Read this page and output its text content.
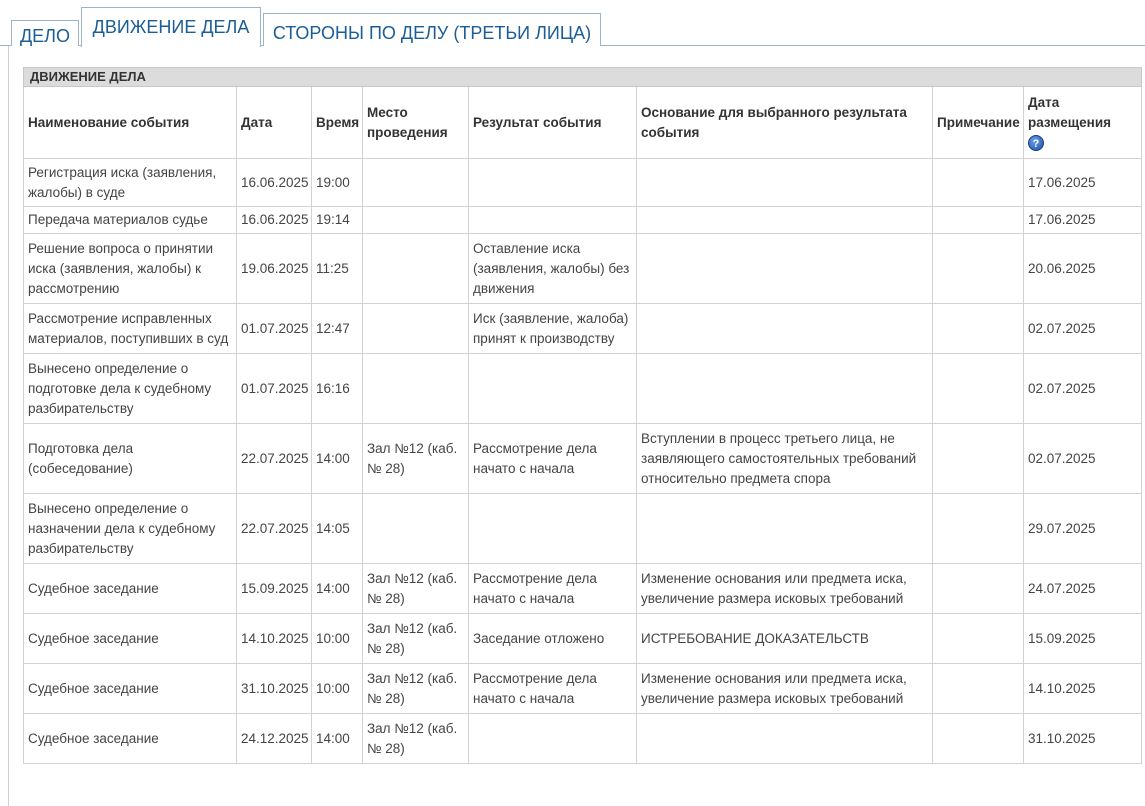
ДЕЛО	ДВИЖЕНИЕ ДЕЛА	СТОРОНЫ ПО ДЕЛУ (ТРЕТЬИ ЛИЦА)
ДВИЖЕНИЕ ДЕЛА							
Наименование события	Дата	Время	Место проведения	Результат события	Основание для выбранного результата события	Примечание	Дата размещения
?
Регистрация иска (заявления, жалобы) в суде	16.06.2025	19:00					17.06.2025
Передача материалов судье	16.06.2025	19:14					17.06.2025
Решение вопроса о принятии иска (заявления, жалобы) к рассмотрению	19.06.2025	11:25		Оставление иска (заявления, жалобы) без движения			20.06.2025
Рассмотрение исправленных материалов, поступивших в суд	01.07.2025	12:47		Иск (заявление, жалоба) принят к производству			02.07.2025
Вынесено определение о подготовке дела к судебному разбирательству	01.07.2025	16:16					02.07.2025
Подготовка дела (собеседование)	22.07.2025	14:00	Зал №12 (каб. № 28)	Рассмотрение дела начато с начала	Вступлении в процесс третьего лица, не заявляющего самостоятельных требований относительно предмета спора		02.07.2025
Вынесено определение о назначении дела к судебному разбирательству	22.07.2025	14:05					29.07.2025
Судебное заседание	15.09.2025	14:00	Зал №12 (каб. № 28)	Рассмотрение дела начато с начала	Изменение основания или предмета иска, увеличение размера исковых требований		24.07.2025
Судебное заседание	14.10.2025	10:00	Зал №12 (каб. № 28)	Заседание отложено	ИСТРЕБОВАНИЕ ДОКАЗАТЕЛЬСТВ		15.09.2025
Судебное заседание	31.10.2025	10:00	Зал №12 (каб. № 28)	Рассмотрение дела начато с начала	Изменение основания или предмета иска, увеличение размера исковых требований		14.10.2025
Судебное заседание	24.12.2025	14:00	Зал №12 (каб. № 28)				31.10.2025
